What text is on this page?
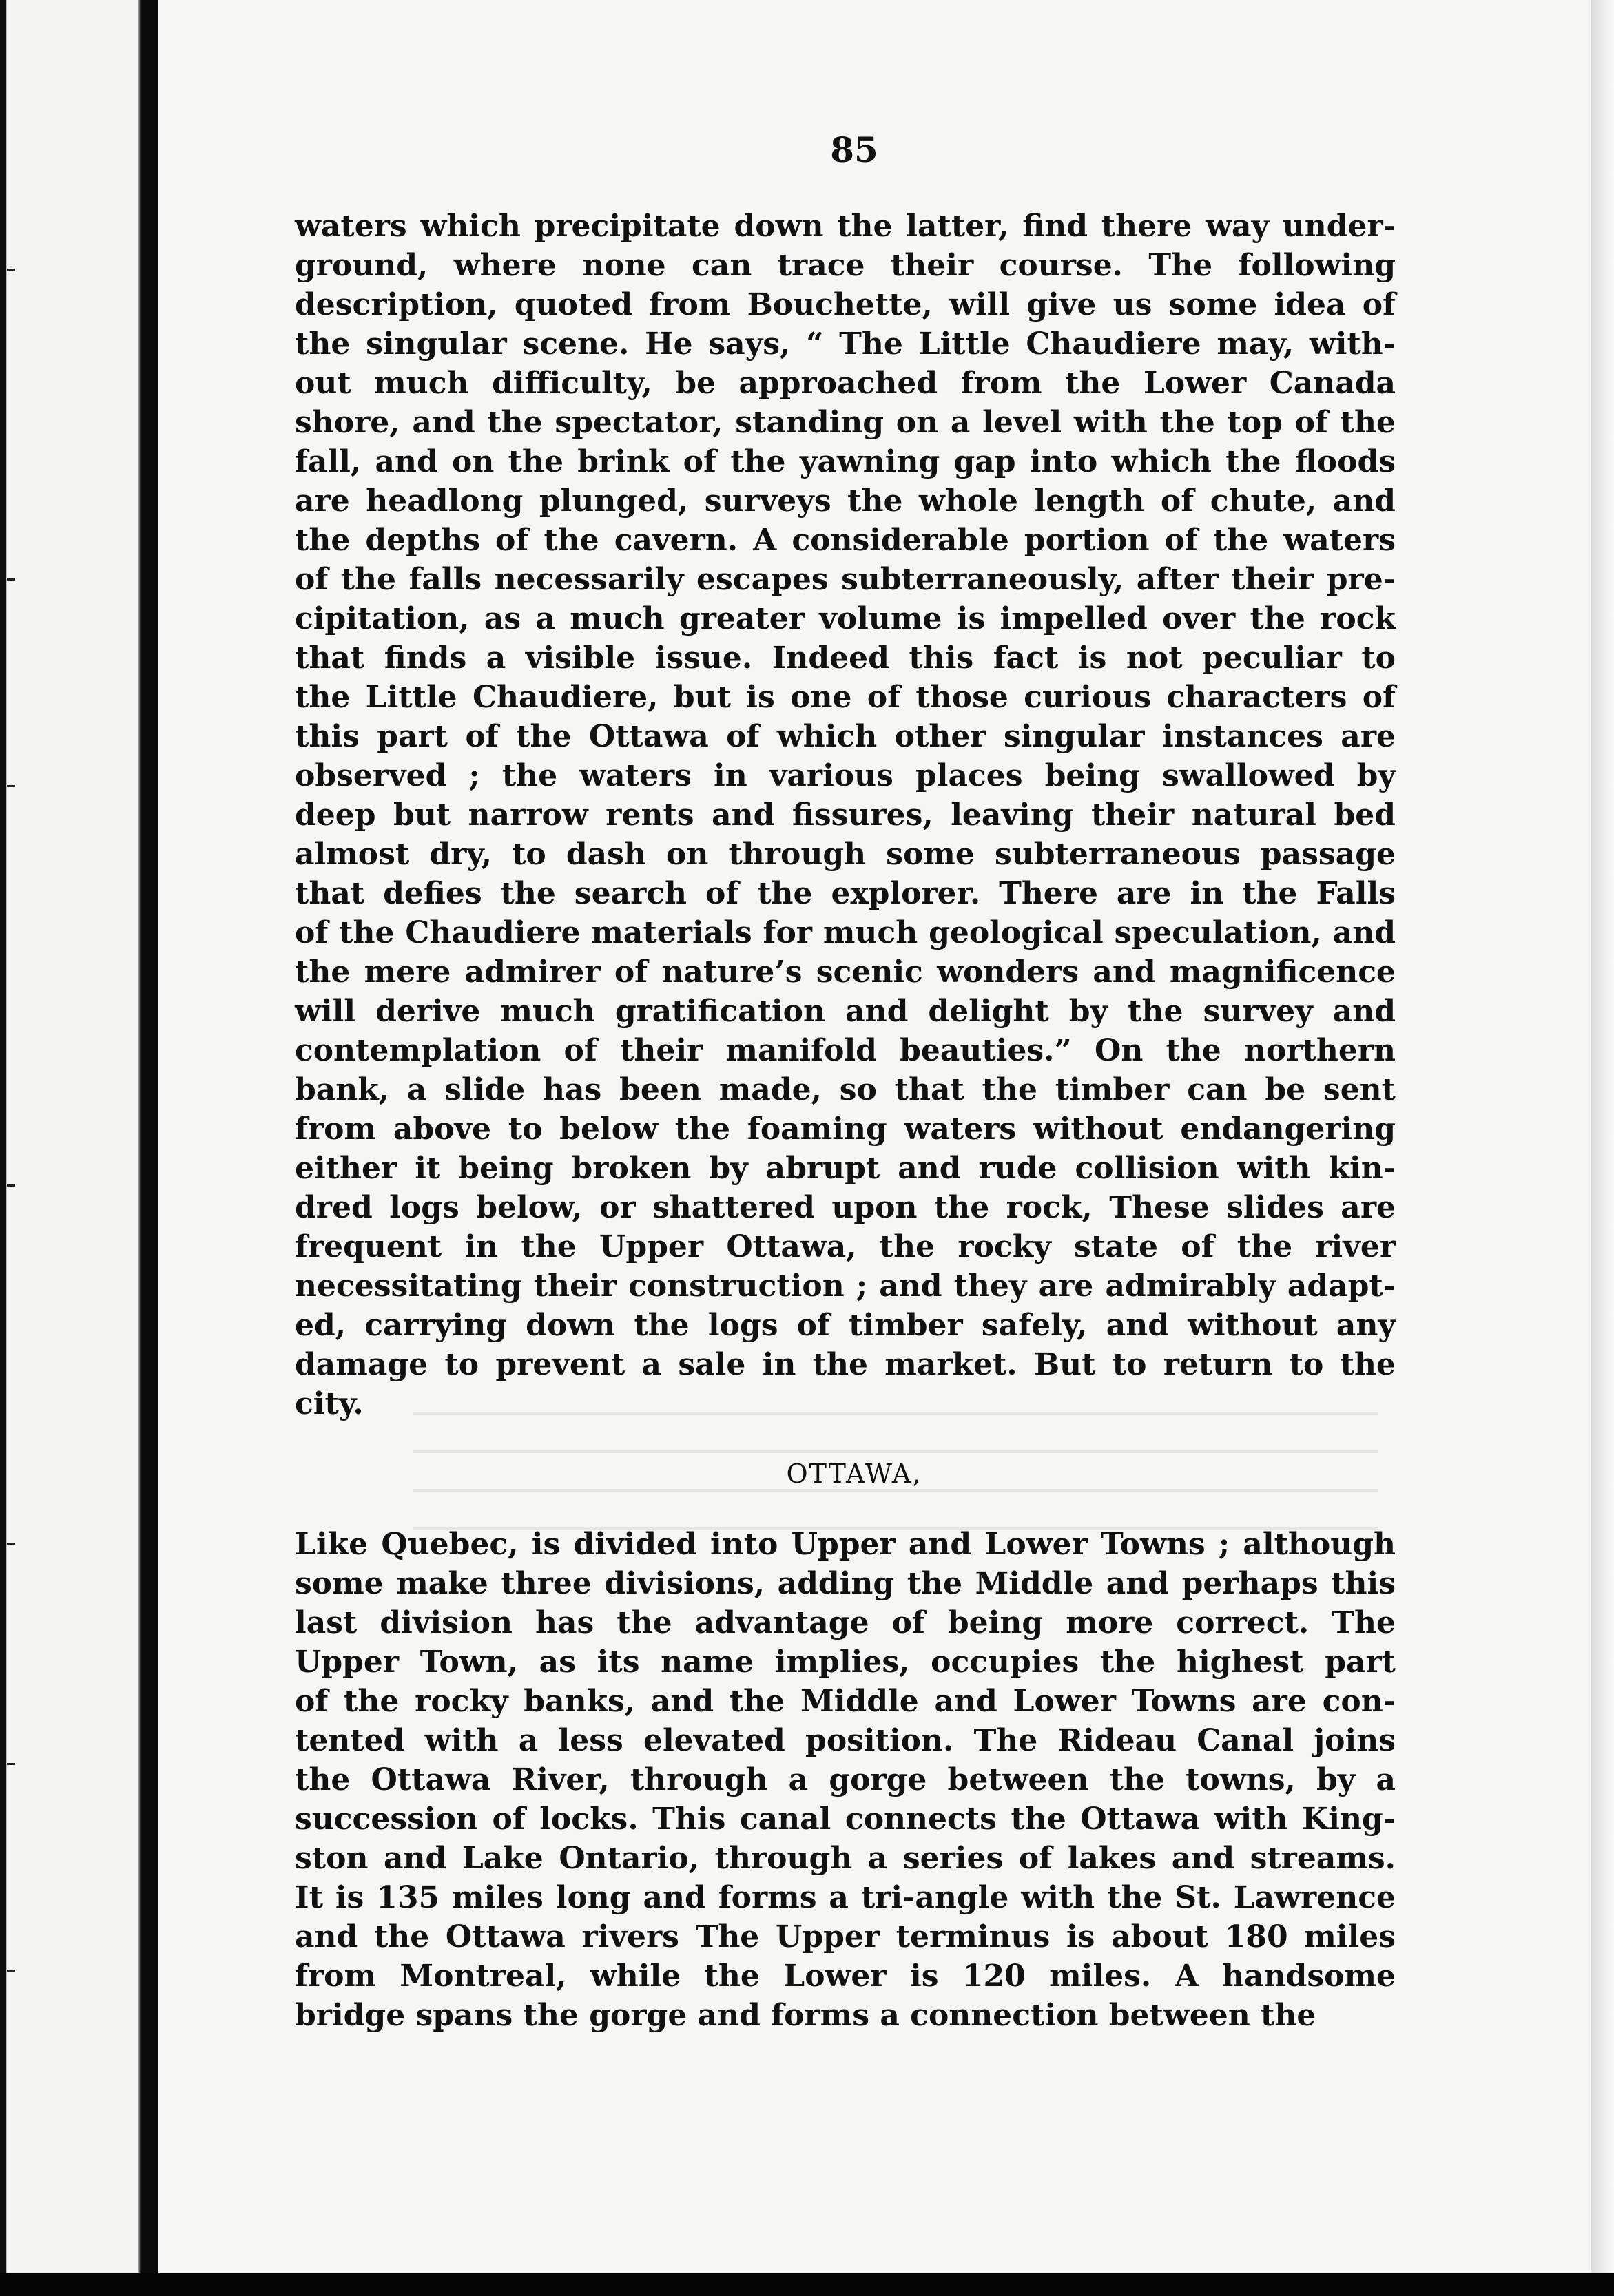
85
waters which precipitate down the latter, find there way under-
ground, where none can trace their course. The following
description, quoted from Bouchette, will give us some idea of
the singular scene. He says, “ The Little Chaudiere may, with-
out much difficulty, be approached from the Lower Canada
shore, and the spectator, standing on a level with the top of the
fall, and on the brink of the yawning gap into which the floods
are headlong plunged, surveys the whole length of chute, and
the depths of the cavern. A considerable portion of the waters
of the falls necessarily escapes subterraneously, after their pre-
cipitation, as a much greater volume is impelled over the rock
that finds a visible issue. Indeed this fact is not peculiar to
the Little Chaudiere, but is one of those curious characters of
this part of the Ottawa of which other singular instances are
observed ; the waters in various places being swallowed by
deep but narrow rents and fissures, leaving their natural bed
almost dry, to dash on through some subterraneous passage
that defies the search of the explorer. There are in the Falls
of the Chaudiere materials for much geological speculation, and
the mere admirer of nature’s scenic wonders and magnificence
will derive much gratification and delight by the survey and
contemplation of their manifold beauties.” On the northern
bank, a slide has been made, so that the timber can be sent
from above to below the foaming waters without endangering
either it being broken by abrupt and rude collision with kin-
dred logs below, or shattered upon the rock, These slides are
frequent in the Upper Ottawa, the rocky state of the river
necessitating their construction ; and they are admirably adapt-
ed, carrying down the logs of timber safely, and without any
damage to prevent a sale in the market. But to return to the
city.
OTTAWA,
Like Quebec, is divided into Upper and Lower Towns ; although
some make three divisions, adding the Middle and perhaps this
last division has the advantage of being more correct. The
Upper Town, as its name implies, occupies the highest part
of the rocky banks, and the Middle and Lower Towns are con-
tented with a less elevated position. The Rideau Canal joins
the Ottawa River, through a gorge between the towns, by a
succession of locks. This canal connects the Ottawa with King-
ston and Lake Ontario, through a series of lakes and streams.
It is 135 miles long and forms a tri-angle with the St. Lawrence
and the Ottawa rivers The Upper terminus is about 180 miles
from Montreal, while the Lower is 120 miles. A handsome
bridge spans the gorge and forms a connection between the
